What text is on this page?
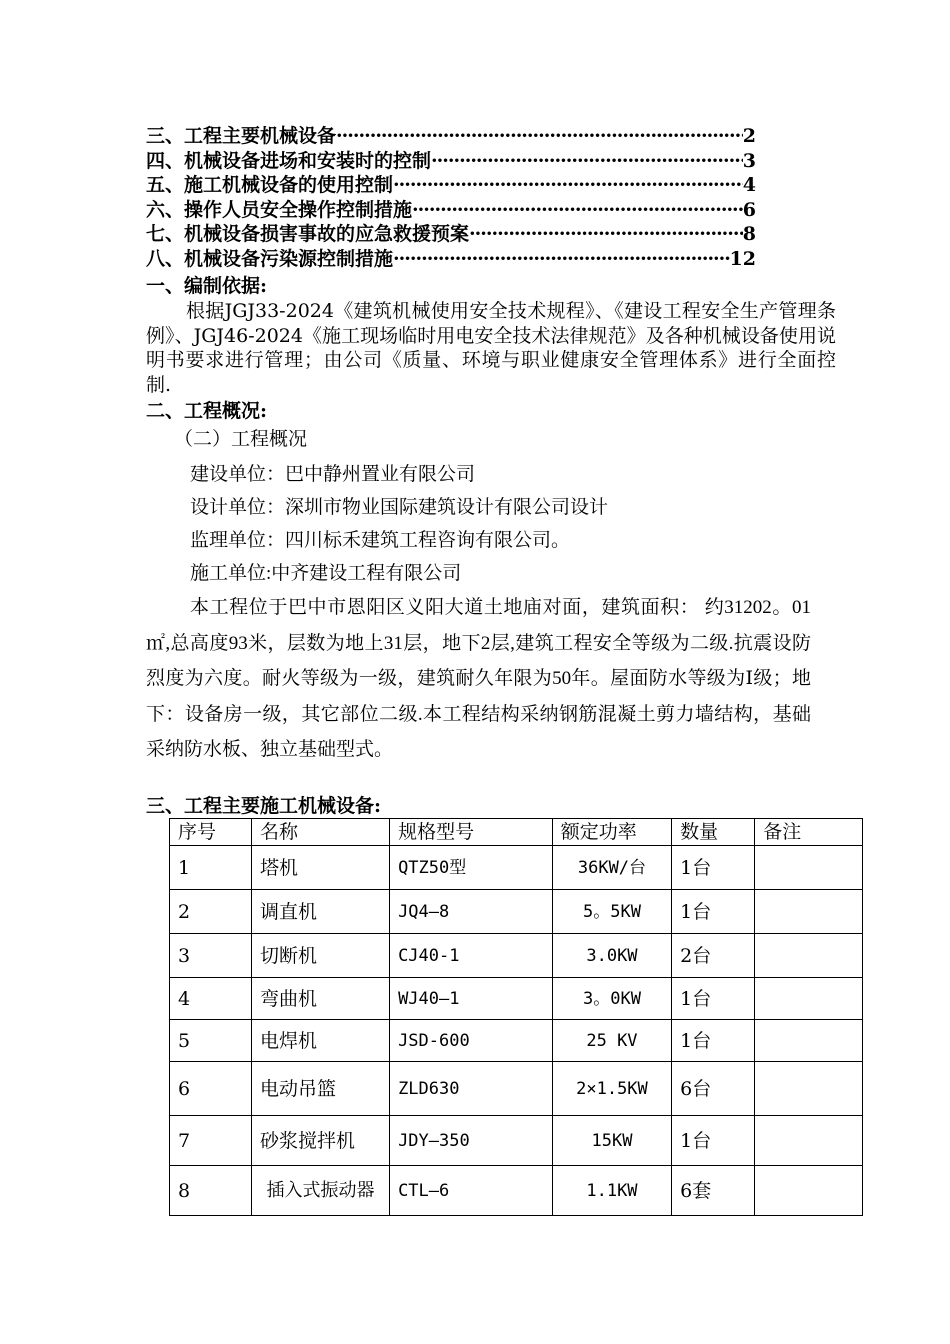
三、工程主要机械设备 ·····	2
四、机械设备进场和安装时的控制 ·····	3
五、施工机械设备的使用控制 ·····	4
六、操作人员安全操作控制措施 ·····	6
七、机械设备损害事故的应急救援预案 ·····	8
八、机械设备污染源控制措施 ·····	12
一、编制依据:

根据JGJ33-2024《建筑机械使用安全技术规程》、《建设工程安全生产管理条例》、JGJ46-2024《施工现场临时用电安全技术法律规范》及各种机械设备使用说明书要求进行管理；由公司《质量、环境与职业健康安全管理体系》进行全面控制.

二、工程概况:
（二）工程概况
建设单位：巴中静州置业有限公司
设计单位：深圳市物业国际建筑设计有限公司设计
监理单位：四川标禾建筑工程咨询有限公司。
施工单位:中齐建设工程有限公司
本工程位于巴中市恩阳区义阳大道土地庙对面，建筑面积： 约31202。01㎡,总高度93米，层数为地上31层，地下2层,建筑工程安全等级为二级.抗震设防烈度为六度。耐火等级为一级，建筑耐久年限为50年。屋面防水等级为Ⅰ级；地下：设备房一级，其它部位二级.本工程结构采纳钢筋混凝土剪力墙结构，基础采纳防水板、独立基础型式。
三、工程主要施工机械设备:
序号	名称	规格型号	额定功率	数量	备注
1	塔机	QTZ50型	36KW/台	1台	
2	调直机	JQ4—8	5。5KW	1台	
3	切断机	CJ40-1	3.0KW	2台	
4	弯曲机	WJ40—1	3。0KW	1台	
5	电焊机	JSD-600	25 KV	1台	
6	电动吊篮	ZLD630	2×1.5KW	6台	
7	砂浆搅拌机	JDY—350	15KW	1台	
8	插入式振动器	CTL—6	1.1KW	6套	
